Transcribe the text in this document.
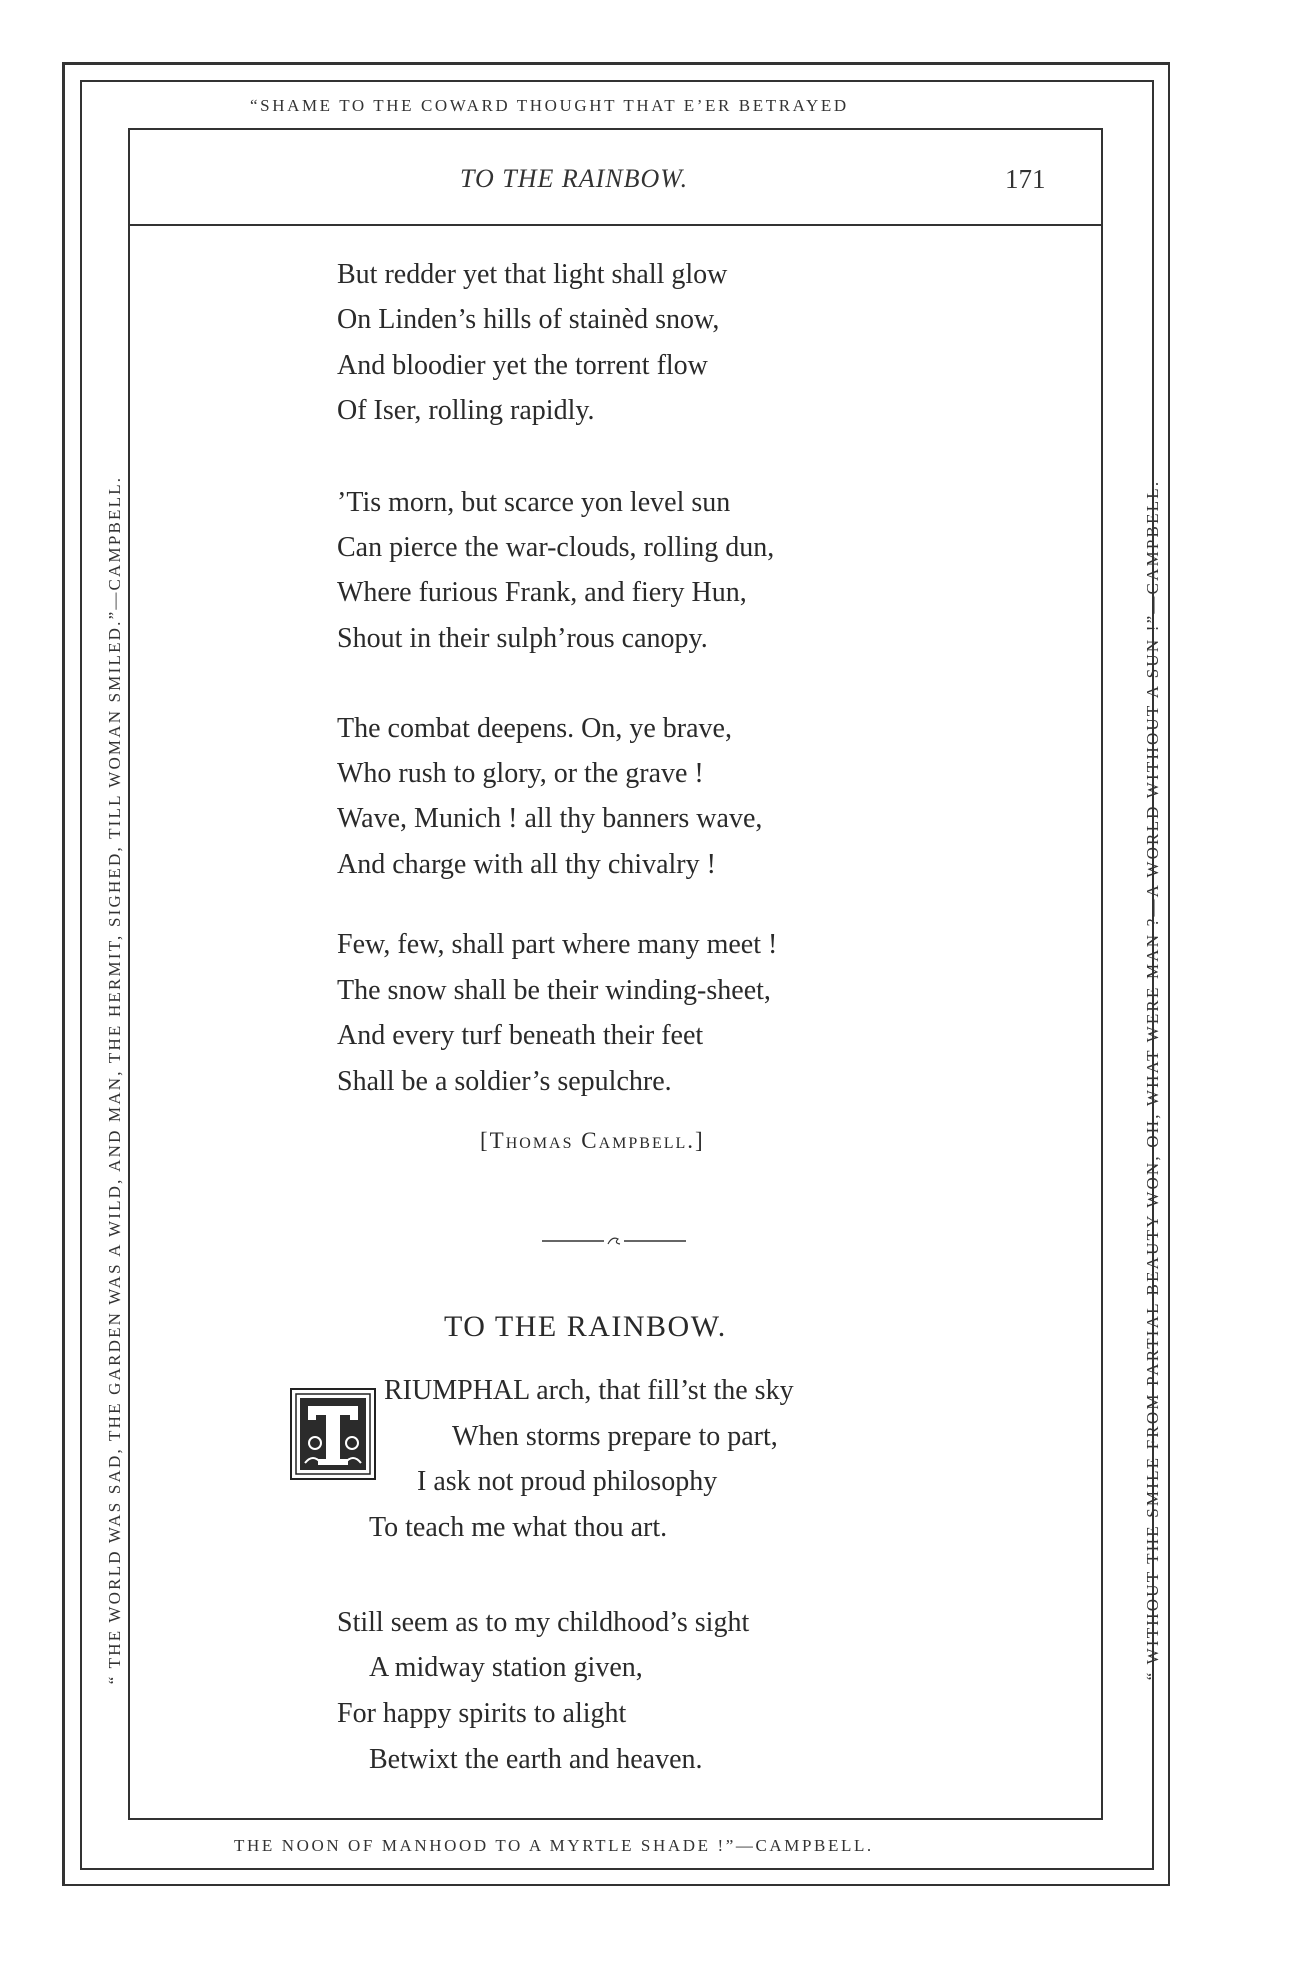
“SHAME TO THE COWARD THOUGHT THAT E’ER BETRAYED
THE NOON OF MANHOOD TO A MYRTLE SHADE !”—CAMPBELL.
“ THE WORLD WAS SAD, THE GARDEN WAS A WILD, AND MAN, THE HERMIT, SIGHED, TILL WOMAN SMILED.”—CAMPBELL.	“ WITHOUT THE SMILE FROM PARTIAL BEAUTY WON, OH, WHAT WERE MAN ?—A WORLD WITHOUT A SUN !”—CAMPBELL.
TO THE RAINBOW.	171
But redder yet that light shall glow
On Linden’s hills of stainèd snow,
And bloodier yet the torrent flow
Of Iser, rolling rapidly.
’Tis morn, but scarce yon level sun
Can pierce the war-clouds, rolling dun,
Where furious Frank, and fiery Hun,
Shout in their sulph’rous canopy.
The combat deepens. On, ye brave,
Who rush to glory, or the grave !
Wave, Munich ! all thy banners wave,
And charge with all thy chivalry !
Few, few, shall part where many meet !
The snow shall be their winding-sheet,
And every turf beneath their feet
Shall be a soldier’s sepulchre.
[Thomas Campbell.]
TO THE RAINBOW.
RIUMPHAL arch, that fill’st the sky
When storms prepare to part,
I ask not proud philosophy
To teach me what thou art.
Still seem as to my childhood’s sight
A midway station given,
For happy spirits to alight
Betwixt the earth and heaven.
